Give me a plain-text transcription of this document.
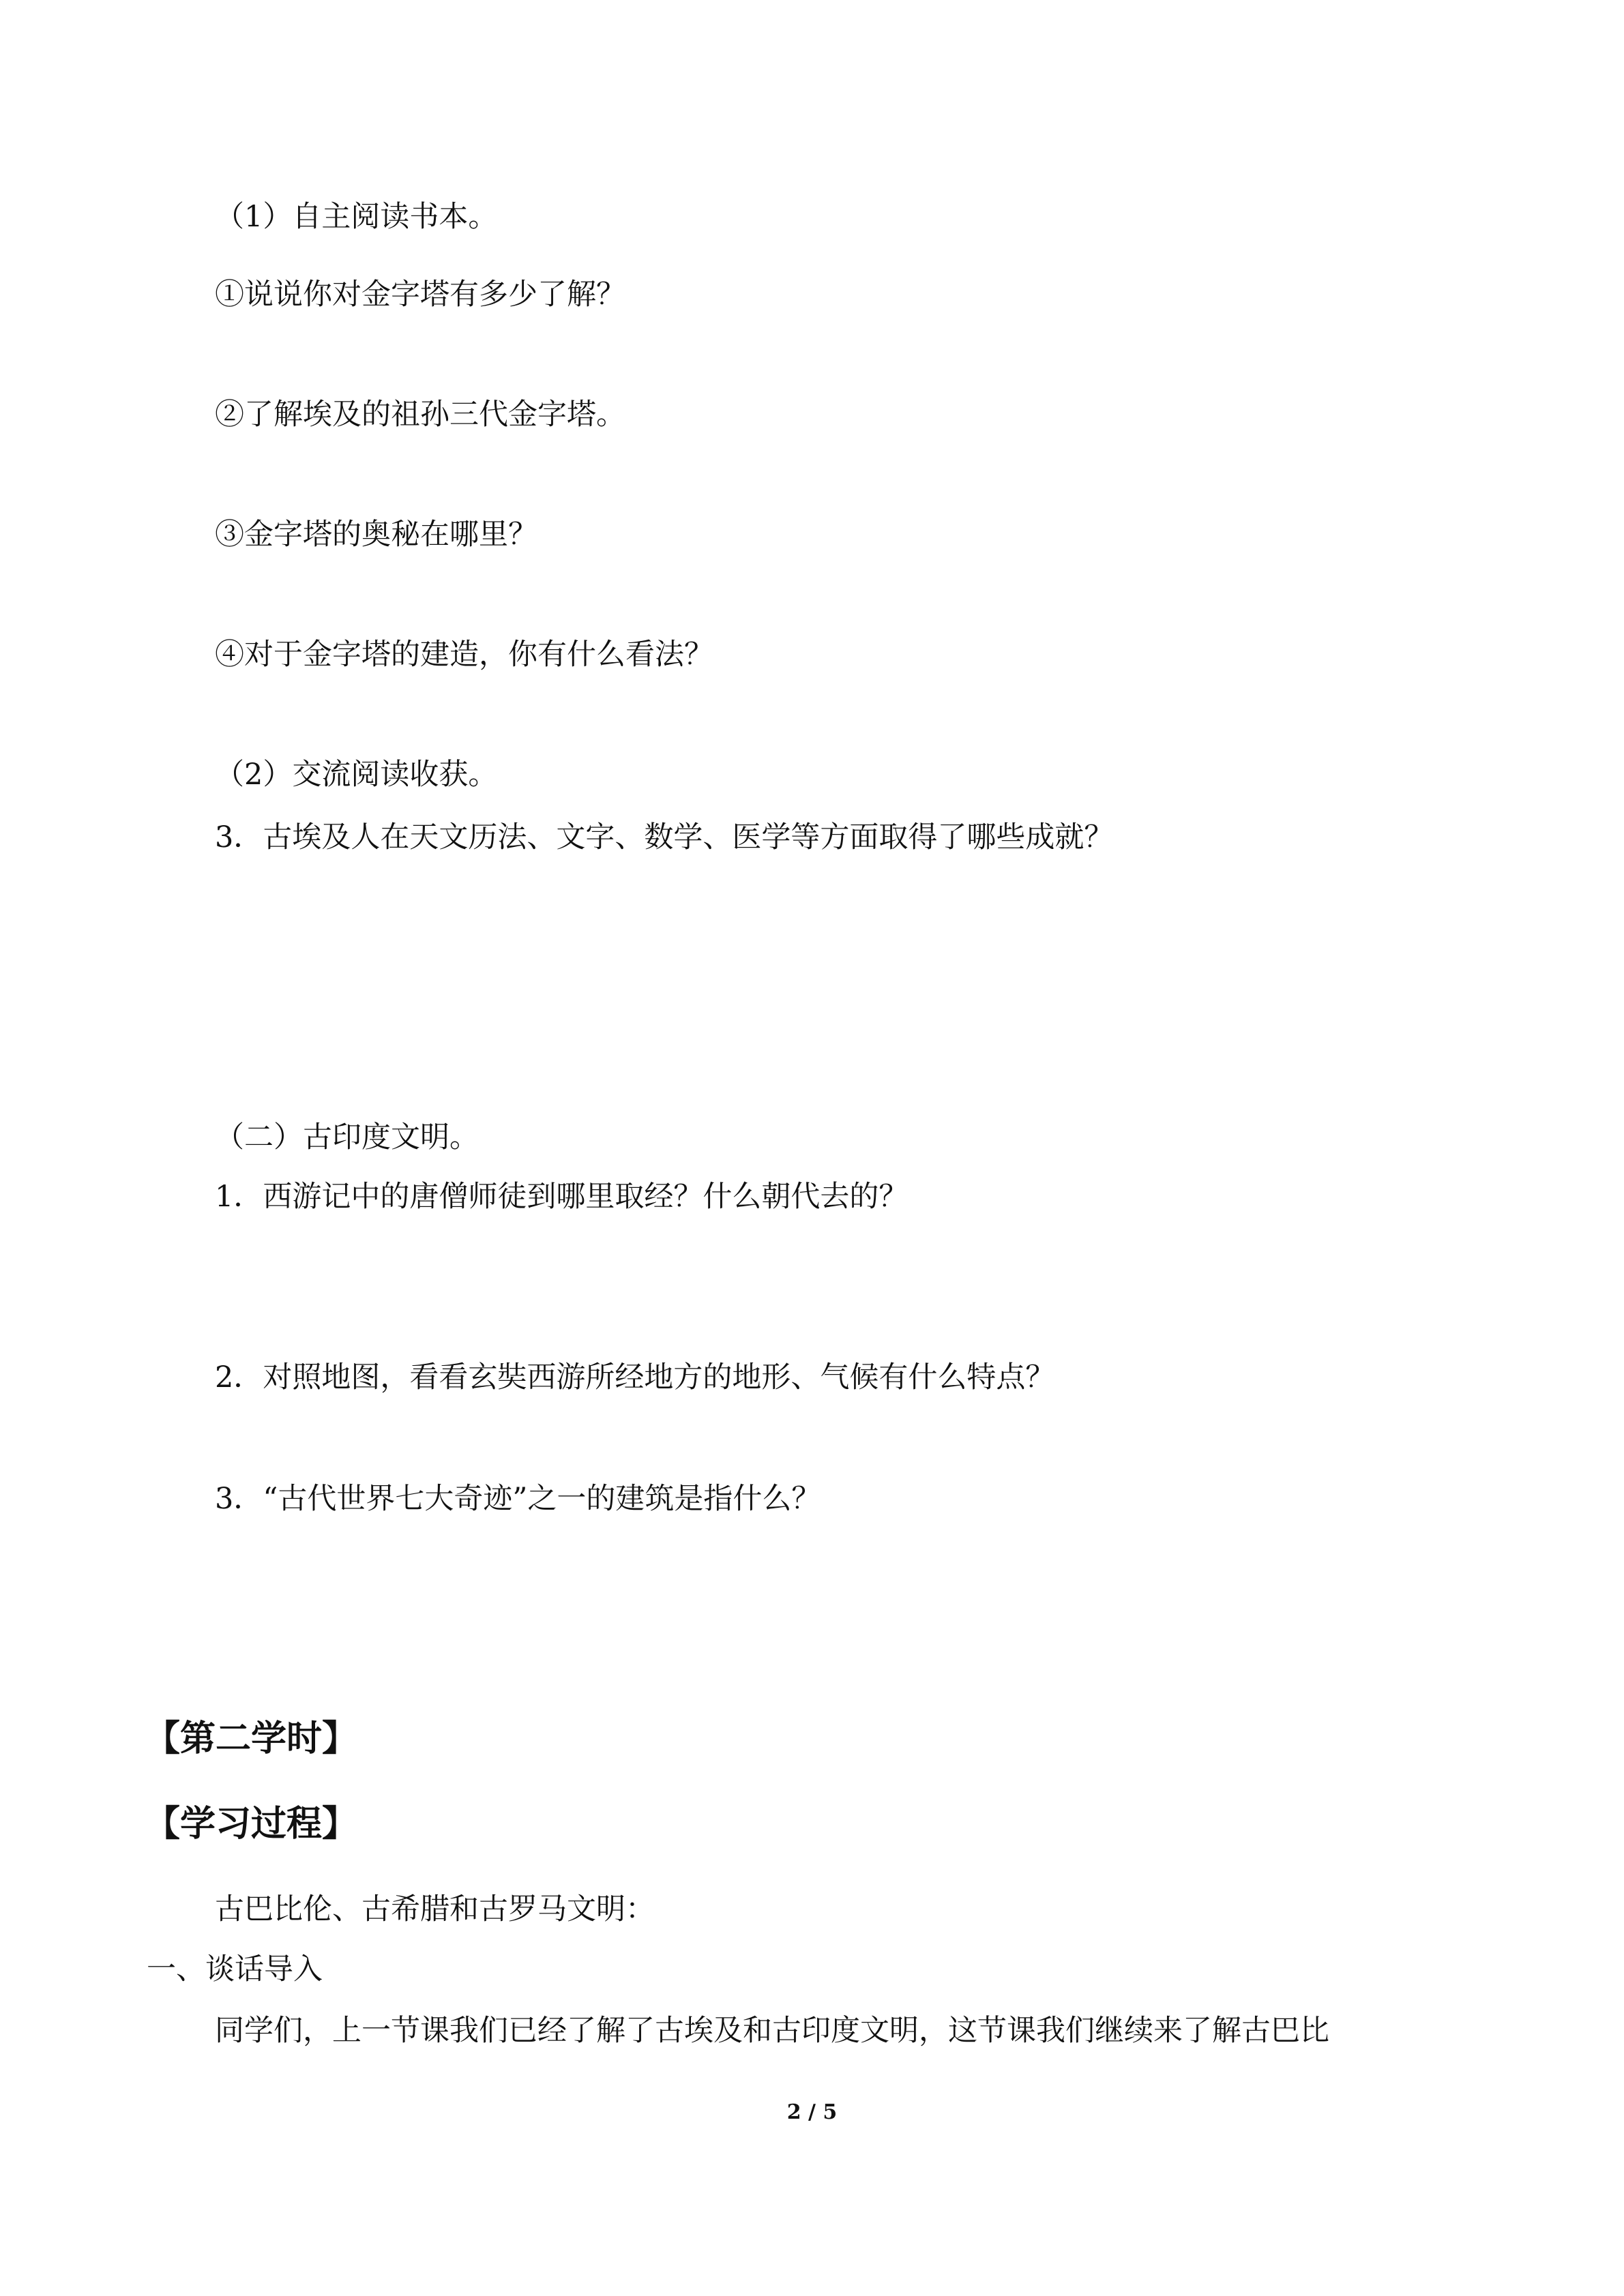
（1）自主阅读书本。
①说说你对金字塔有多少了解？
②了解埃及的祖孙三代金字塔。
③金字塔的奥秘在哪里？
④对于金字塔的建造，你有什么看法？
（2）交流阅读收获。
3．古埃及人在天文历法、文字、数学、医学等方面取得了哪些成就？
（二）古印度文明。
1．西游记中的唐僧师徒到哪里取经？什么朝代去的？
2．对照地图，看看玄奘西游所经地方的地形、气候有什么特点？
3．“古代世界七大奇迹”之一的建筑是指什么？
【第二学时】
【学习过程】
古巴比伦、古希腊和古罗马文明：
一、谈话导入
同学们，上一节课我们已经了解了古埃及和古印度文明，这节课我们继续来了解古巴比
2 / 5
